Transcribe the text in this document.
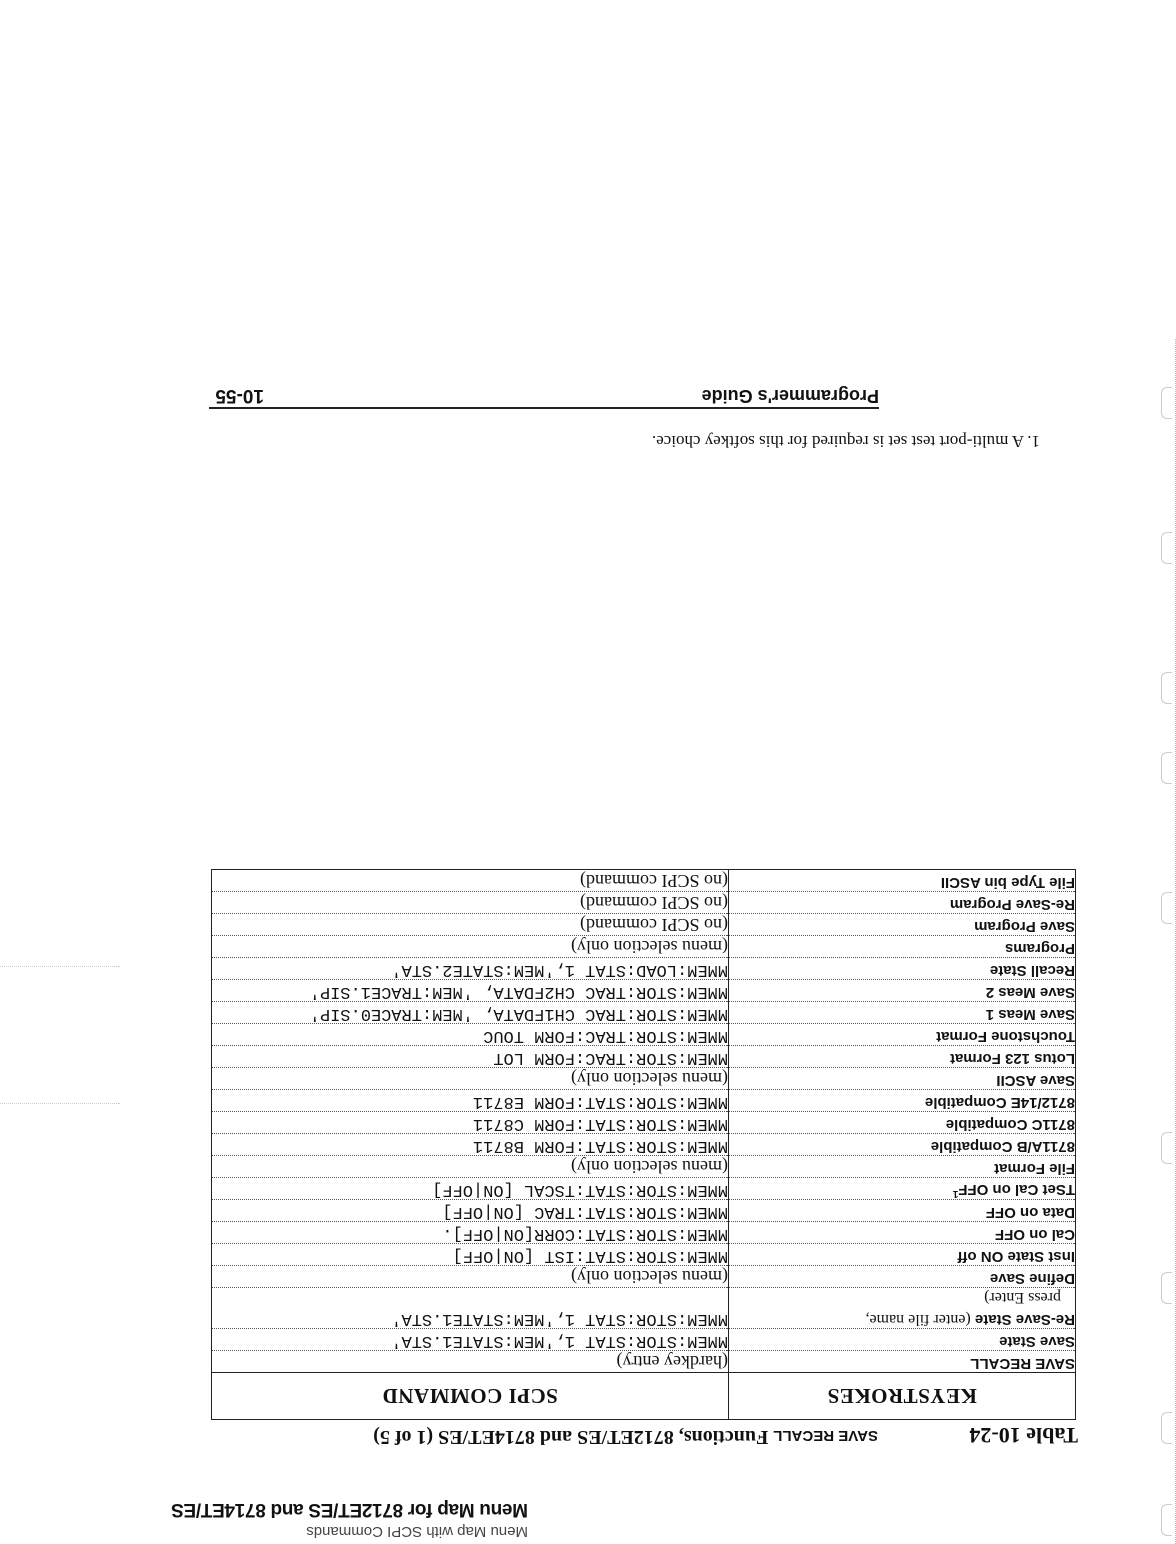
Menu Map with SCPI Commands
Menu Map for 8712ET/ES and 8714ET/ES
Table 10-24
SAVE RECALL Functions, 8712ET/ES and 8714ET/ES (1 of 5)
KEYSTROKES	SCPI COMMAND
SAVE RECALL	(hardkey entry)
Save State	MMEM:STOR:STAT 1,'MEM:STATE1.STA'
Re-Save State (enter file name,
press Enter)	MMEM:STOR:STAT 1,'MEM:STATE1.STA'
Define Save	(menu selection only)
Inst State ON off	MMEM:STOR:STAT:IST [ON|OFF]
Cal on OFF	MMEM:STOR:STAT:CORR[ON|OFF].
Data on OFF	MMEM:STOR:STAT:TRAC [ON|OFF]
TSet Cal on OFF$^1$	MMEM:STOR:STAT:TSCAL [ON|OFF]
File Format	(menu selection only)
8711A/B Compatible	MMEM:STOR:STAT:FORM B8711
8711C Compatible	MMEM:STOR:STAT:FORM C8711
8712/14E Compatible	MMEM:STOR:STAT:FORM E8711
Save ASCII	(menu selection only)
Lotus 123 Format	MMEM:STOR:TRAC:FORM LOT
Touchstone Format	MMEM:STOR:TRAC:FORM TOUC
Save Meas 1	MMEM:STOR:TRAC CH1FDATA, 'MEM:TRACE0.SIP'
Save Meas 2	MMEM:STOR:TRAC CH2FDATA, 'MEM:TRACE1.SIP'
Recall State	MMEM:LOAD:STAT 1,'MEM:STATE2.STA'
Programs	(menu selection only)
Save Program	(no SCPI command)
Re-Save Program	(no SCPI command)
File Type bin ASCII	(no SCPI command)
1. A multi-port test set is required for this softkey choice.
Programmer's Guide
10-55
